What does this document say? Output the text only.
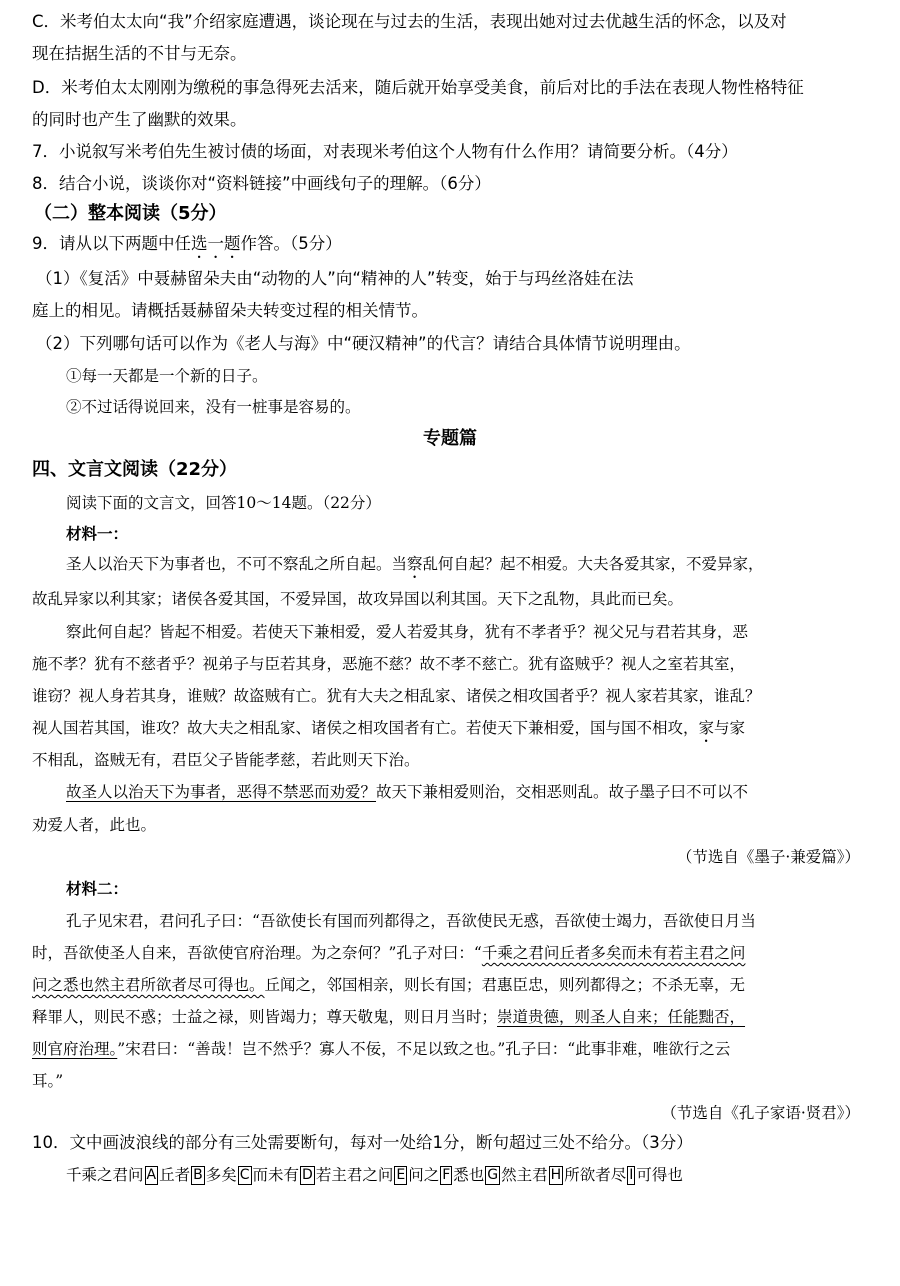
C．米考伯太太向“我”介绍家庭遭遇，谈论现在与过去的生活，表现出她对过去优越生活的怀念，以及对
现在拮据生活的不甘与无奈。
D．米考伯太太刚刚为缴税的事急得死去活来，随后就开始享受美食，前后对比的手法在表现人物性格特征
的同时也产生了幽默的效果。
7．小说叙写米考伯先生被讨债的场面，对表现米考伯这个人物有什么作用？请简要分析。（4分）
8．结合小说，谈谈你对“资料链接”中画线句子的理解。（6分）
（二）整本阅读（5分）
9．请从以下两题中任选一题作答。（5分）
（1）《复活》中聂赫留朵夫由“动物的人”向“精神的人”转变，始于与玛丝洛娃在法
庭上的相见。请概括聂赫留朵夫转变过程的相关情节。
（2）下列哪句话可以作为《老人与海》中“硬汉精神”的代言？请结合具体情节说明理由。
①每一天都是一个新的日子。
②不过话得说回来，没有一桩事是容易的。
专题篇
四、文言文阅读（22分）
阅读下面的文言文，回答10～14题。（22分）
材料一：
圣人以治天下为事者也，不可不察乱之所自起。当察乱何自起？起不相爱。大夫各爱其家，不爱异家，
故乱异家以利其家；诸侯各爱其国，不爱异国，故攻异国以利其国。天下之乱物，具此而已矣。
察此何自起？皆起不相爱。若使天下兼相爱，爱人若爱其身，犹有不孝者乎？视父兄与君若其身，恶
施不孝？犹有不慈者乎？视弟子与臣若其身，恶施不慈？故不孝不慈亡。犹有盗贼乎？视人之室若其室，
谁窃？视人身若其身，谁贼？故盗贼有亡。犹有大夫之相乱家、诸侯之相攻国者乎？视人家若其家，谁乱？
视人国若其国，谁攻？故大夫之相乱家、诸侯之相攻国者有亡。若使天下兼相爱，国与国不相攻，家与家
不相乱，盗贼无有，君臣父子皆能孝慈，若此则天下治。
故圣人以治天下为事者，恶得不禁恶而劝爱？故天下兼相爱则治，交相恶则乱。故子墨子曰不可以不
劝爱人者，此也。
（节选自《墨子·兼爱篇》）
材料二：
孔子见宋君，君问孔子曰：“吾欲使长有国而列都得之，吾欲使民无惑，吾欲使士竭力，吾欲使日月当
时，吾欲使圣人自来，吾欲使官府治理。为之奈何？”孔子对曰：“千乘之君问丘者多矣而未有若主君之问
问之悉也然主君所欲者尽可得也。丘闻之，邻国相亲，则长有国；君惠臣忠，则列都得之；不杀无辜，无
释罪人，则民不惑；士益之禄，则皆竭力；尊天敬鬼，则日月当时；崇道贵德，则圣人自来；任能黜否，
则官府治理。”宋君曰：“善哉！岂不然乎？寡人不佞，不足以致之也。”孔子曰：“此事非难，唯欲行之云
耳。”
（节选自《孔子家语·贤君》）
10．文中画波浪线的部分有三处需要断句，每对一处给1分，断句超过三处不给分。（3分）
千乘之君问 A 丘者 B 多矣 C 而未有 D 若主君之问 E 问之 F 悉也 G 然主君 H 所欲者尽 I 可得也
